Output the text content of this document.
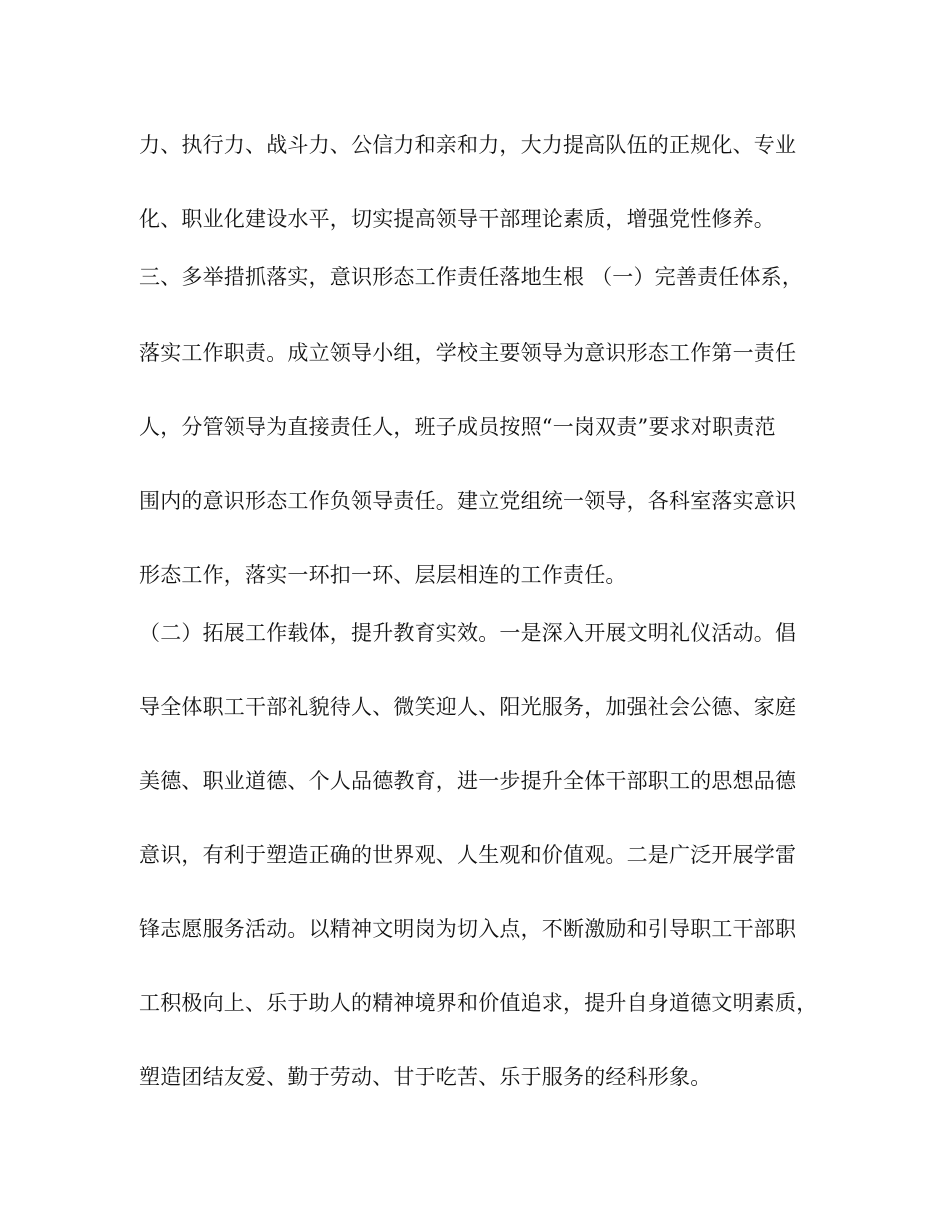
力、执行力、战斗力、公信力和亲和力，大力提高队伍的正规化、专业
化、职业化建设水平，切实提高领导干部理论素质，增强党性修养。
三、多举措抓落实，意识形态工作责任落地生根 （一）完善责任体系，
落实工作职责。成立领导小组，学校主要领导为意识形态工作第一责任
人，分管领导为直接责任人，班子成员按照“一岗双责”要求对职责范
围内的意识形态工作负领导责任。建立党组统一领导，各科室落实意识
形态工作，落实一环扣一环、层层相连的工作责任。
（二）拓展工作载体，提升教育实效。一是深入开展文明礼仪活动。倡
导全体职工干部礼貌待人、微笑迎人、阳光服务，加强社会公德、家庭
美德、职业道德、个人品德教育，进一步提升全体干部职工的思想品德
意识，有利于塑造正确的世界观、人生观和价值观。二是广泛开展学雷
锋志愿服务活动。以精神文明岗为切入点，不断激励和引导职工干部职
工积极向上、乐于助人的精神境界和价值追求，提升自身道德文明素质，
塑造团结友爱、勤于劳动、甘于吃苦、乐于服务的经科形象。
